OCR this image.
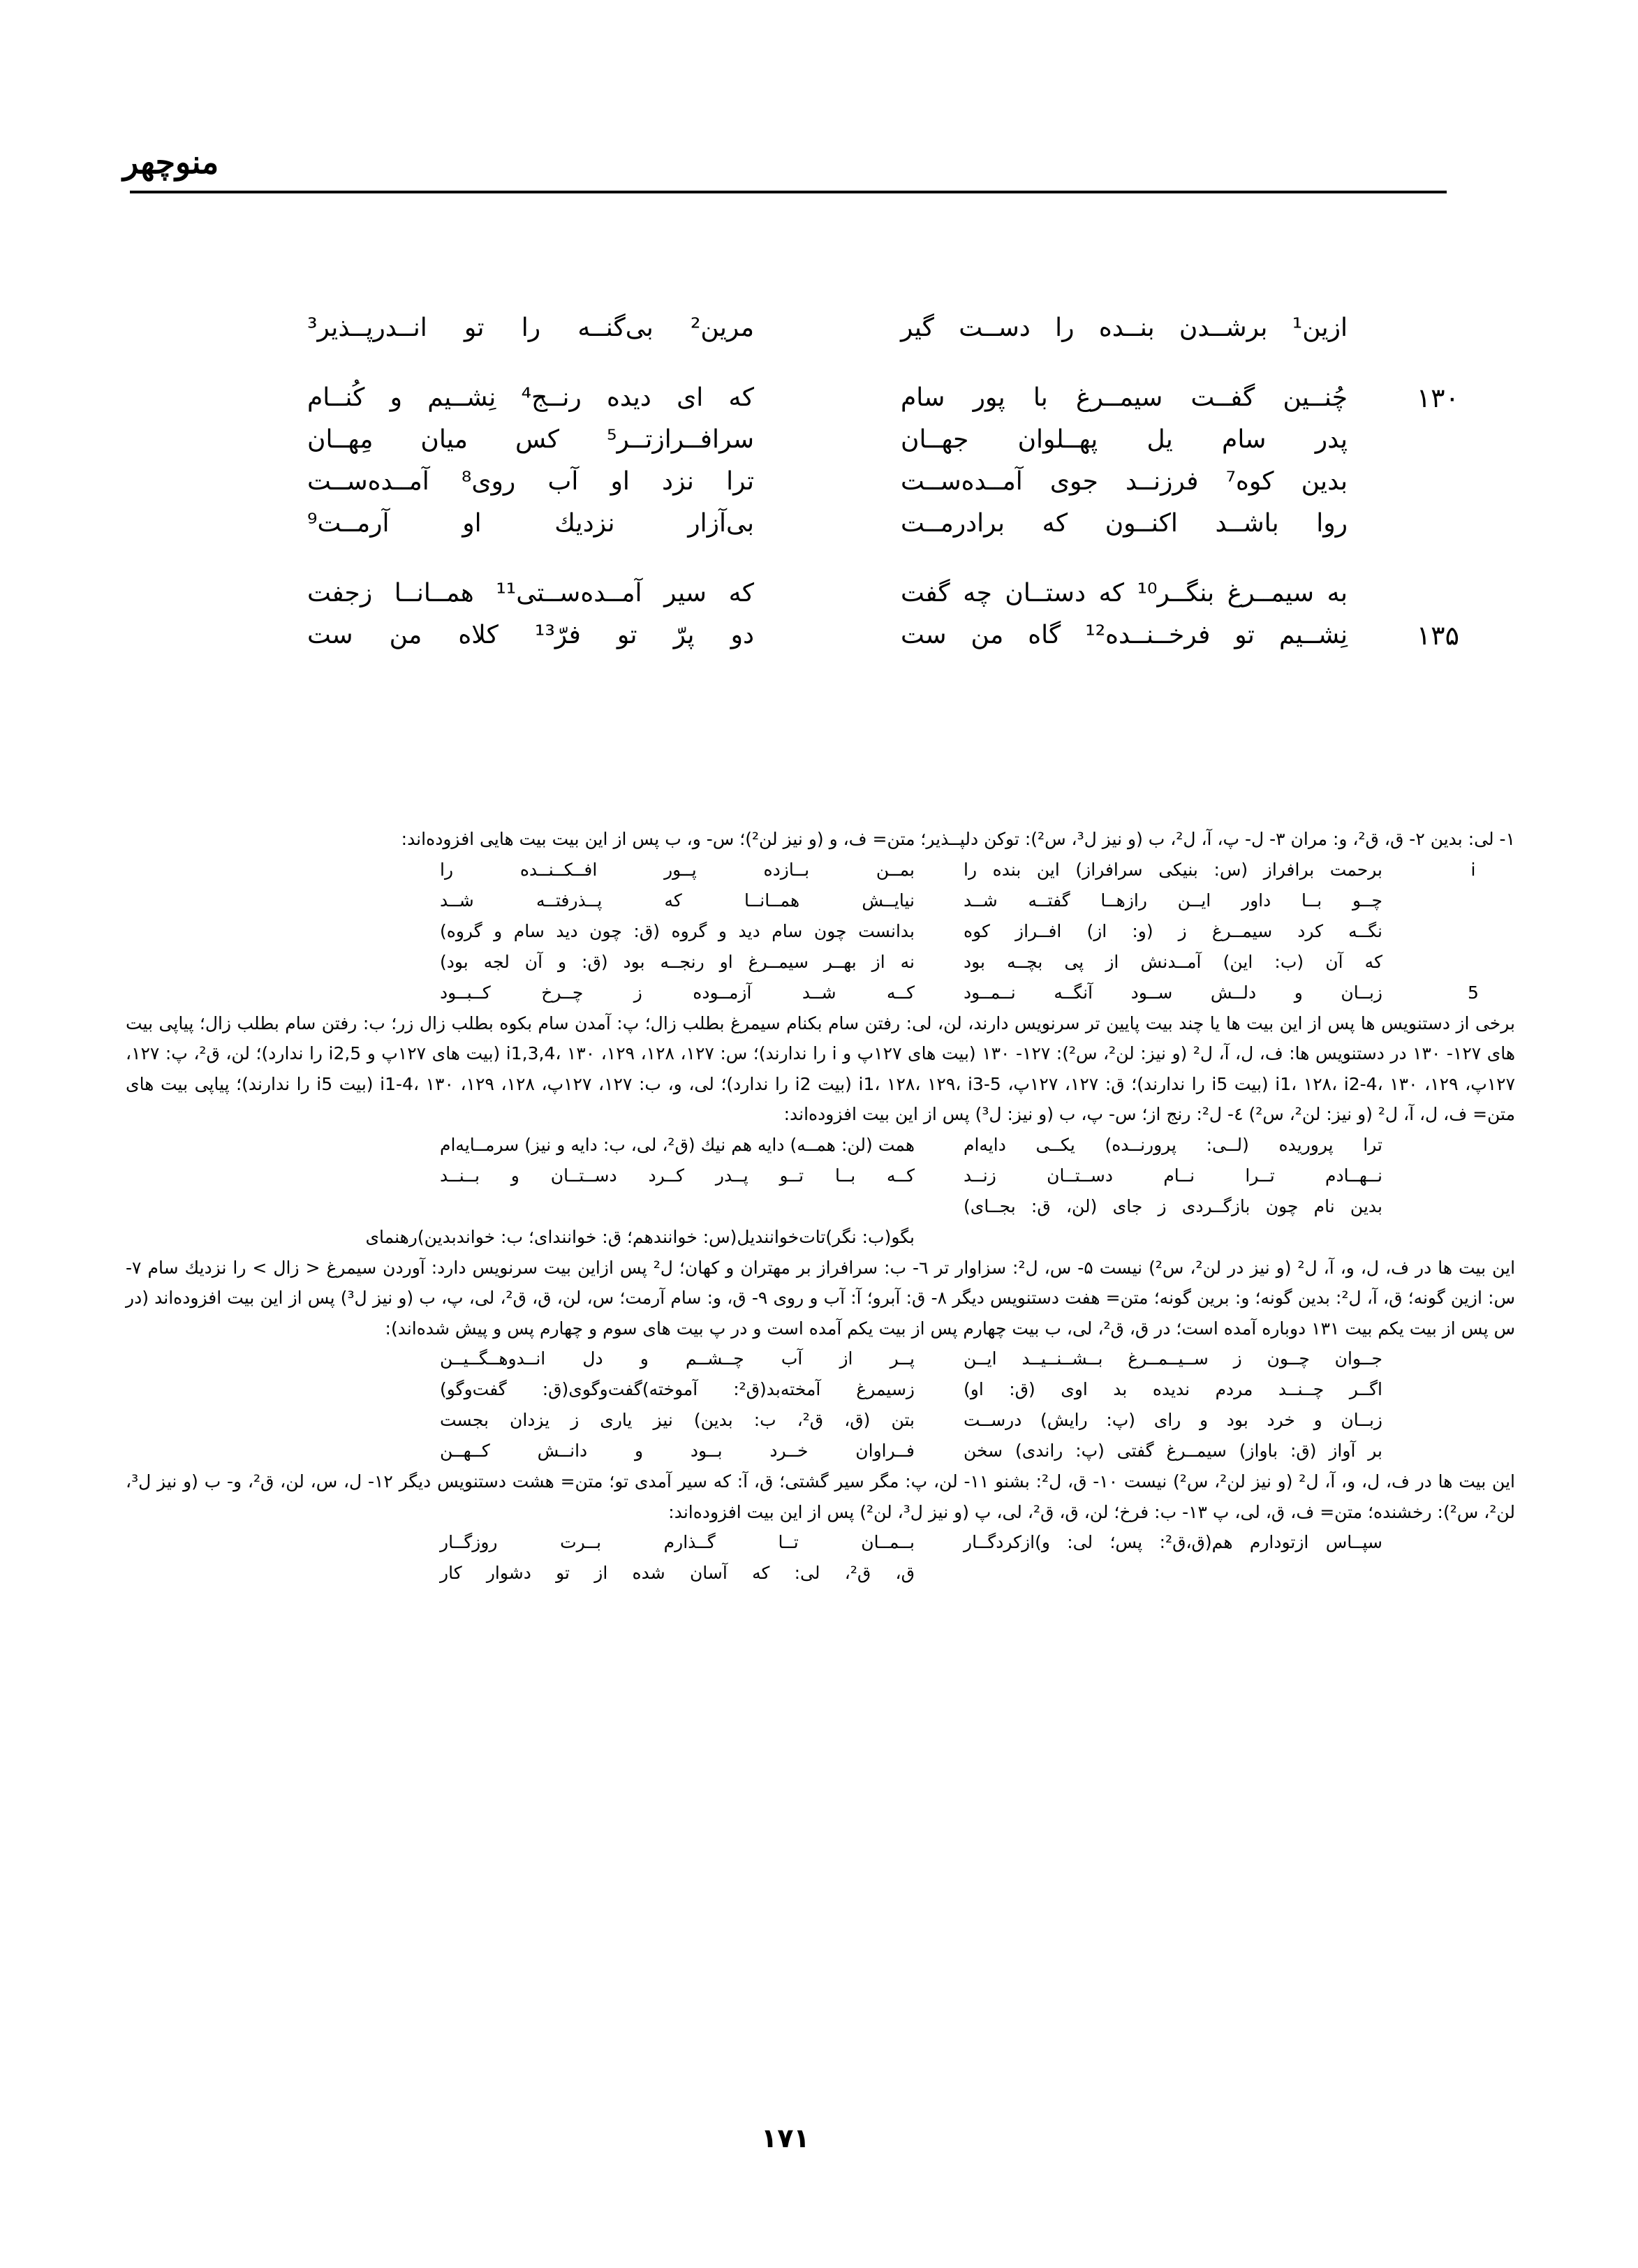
منوچهر
ازین¹ برشــدن بنــده را دســت گیر
مرین² بی‌گنــه را تو انــدرپــذیر³
۱۳۰
چُنــین گفــت سیمــرغ با پور سام
که ای دیده رنــج⁴ نِشــیم و کُنــام
پدر سام یل پهــلوان جهــان
سرافــرازتــر⁵ کس میان مِهــان
بدین کوه⁷ فرزنــد جوی آمــده‌ســت
ترا نزد او آب روی⁸ آمــده‌ســت
روا باشــد اکنــون که برادرمــت
بی‌آزار نزدیك او آرمــت⁹
به سیمــرغ بنگــر¹⁰ که دستــان چه گفت
که سیر آمــده‌ســتی¹¹ همــانــا زجفت
۱۳۵
نِشــیم تو فرخــنــده¹² گاه من ست
دو پرّ تو فرّ¹³ کلاه من ست

۱- لی: بدین ۲- ق، ق²، و: مران ۳- ل- پ، آ، ل²، ب (و نیز ل³، س²): توکن دلپــذیر؛ متن= ف، و (و نیز لن²)؛ س- و، ب پس از این بیت بیت هایی افزوده‌اند:

i
برحمت برافراز (س: بنیکی سرافراز) این بنده را
بمــن بــازده پــور افــکــنــده را
چــو بــا داور ایــن رازهــا گفتــه شــد
نیایــش همــانــا که پــذرفتــه شــد
نگــه کرد سیمــرغ ز (و: از) افــراز کوه
بدانست چون سام دید و گروه (ق: چون دید سام و گروه)
که آن (ب: این) آمــدنش از پی بچــه بود
نه از بهــر سیمــرغ او رنجــه بود (ق: و آن لجه بود)
5
زبــان و دلــش ســود آنگــه نــمــود
کــه شــد آزمــوده ز چــرخ کــبــود

برخی از دستنویس ها پس از این بیت ها یا چند بیت پایین تر سرنویس دارند، لن، لی: رفتن سام بکنام سیمرغ بطلب زال؛ پ: آمدن سام بکوه بطلب زال زر؛ ب: رفتن سام بطلب زال؛ پیاپی بیت های ۱۲۷- ۱۳۰ در دستنویس ها: ف، ل، آ، ل² (و نیز: لن²، س²): ۱۲۷- ۱۳۰ (بیت های ۱۲۷پ و i را ندارند)؛ س: ۱۲۷، ۱۲۸، ۱۲۹، i1,3,4، ۱۳۰ (بیت های ۱۲۷پ و i2,5 را ندارد)؛ لن، ق²، پ: ۱۲۷، ۱۲۷پ، ۱۲۹، i1، ۱۲۸، i2-4، ۱۳۰ (بیت i5 را ندارند)؛ ق: ۱۲۷، ۱۲۷پ، i1، ۱۲۸، ۱۲۹، i3-5 (بیت i2 را ندارد)؛ لی، و، ب: ۱۲۷، ۱۲۷پ، ۱۲۸، ۱۲۹، i1-4، ۱۳۰ (بیت i5 را ندارند)؛ پیاپی بیت های متن= ف، ل، آ، ل² (و نیز: لن²، س²) ٤- ل²: رنج از؛ س- پ، ب (و نیز: ل³) پس از این بیت افزوده‌اند:

ترا پروریده (لــی: پرورنــده) یکــی دایه‌ام
همت (لن: همــه) دایه هم نیك (ق²، لی، ب: دایه و نیز) سرمــایه‌ام
نــهــادم تــرا نــام دســتــان زنــد
کــه بــا تــو پــدر کــرد دســتــان و بــنــد
بدین نام چون بازگــردی ز جای (لن، ق: بجــای)
بگو(ب: نگر)تات‌خوانندیل(س: خوانندهم؛ ق: خوانندای؛ ب: خواندبدین)رهنمای

این بیت ها در ف، ل، و، آ، ل² (و نیز در لن²، س²) نیست ۵- س، ل²: سزاوار تر ٦- ب: سرافراز بر مهتران و کهان؛ ل² پس ازاین بیت سرنویس دارد: آوردن سیمرغ < زال > را نزدیك سام ۷- س: ازین گونه؛ ق، آ، ل²: بدین گونه؛ و: برین گونه؛ متن= هفت دستنویس دیگر ۸- ق: آبرو؛ آ: آب و روی ۹- ق، و: سام آرمت؛ س، لن، ق، ق²، لی، پ، ب (و نیز ل³) پس از این بیت افزوده‌اند (در س پس از بیت یکم بیت ۱۳۱ دوباره آمده است؛ در ق، ق²، لی، ب بیت چهارم پس از بیت یکم آمده است و در پ بیت های سوم و چهارم پس و پیش شده‌اند):

جــوان چــون ز ســیــمــرغ بــشــنــیــد ایــن
پــر از آب چــشــم و دل انــدوهــگــیــن
اگــر چــنــد مردم ندیده بد اوی (ق: او)
زسیمرغ آمخته‌بد(ق²: آموخته)گفت‌وگوی(ق: گفت‌وگو)
زبــان و خرد بود و رای (پ: رایش) درســت
بتن (ق، ق²، ب: بدین) نیز یاری ز یزدان بجست
بر آواز (ق: باواز) سیمــرغ گفتی (پ: راندی) سخن
فــراوان خــرد بــود و دانــش کــهــن

این بیت ها در ف، ل، و، آ، ل² (و نیز لن²، س²) نیست ۱۰- ق، ل²: بشنو ۱۱- لن، پ: مگر سیر گشتی؛ ق، آ: که سیر آمدی تو؛ متن= هشت دستنویس دیگر ۱۲- ل، س، لن، ق²، و- ب (و نیز ل³، لن²، س²): رخشنده؛ متن= ف، ق، لی، پ ۱۳- ب: فرخ؛ لن، ق، ق²، لی، پ (و نیز ل³، لن²) پس از این بیت افزوده‌اند:

سپــاس ازتودارم هم(ق،ق²: پس؛ لی: و)ازکردگــار
بــمــان تــا گــذارم بــرت روزگــار
ق، ق²، لی: که آسان شده از تو دشوار کار
۱۷۱
